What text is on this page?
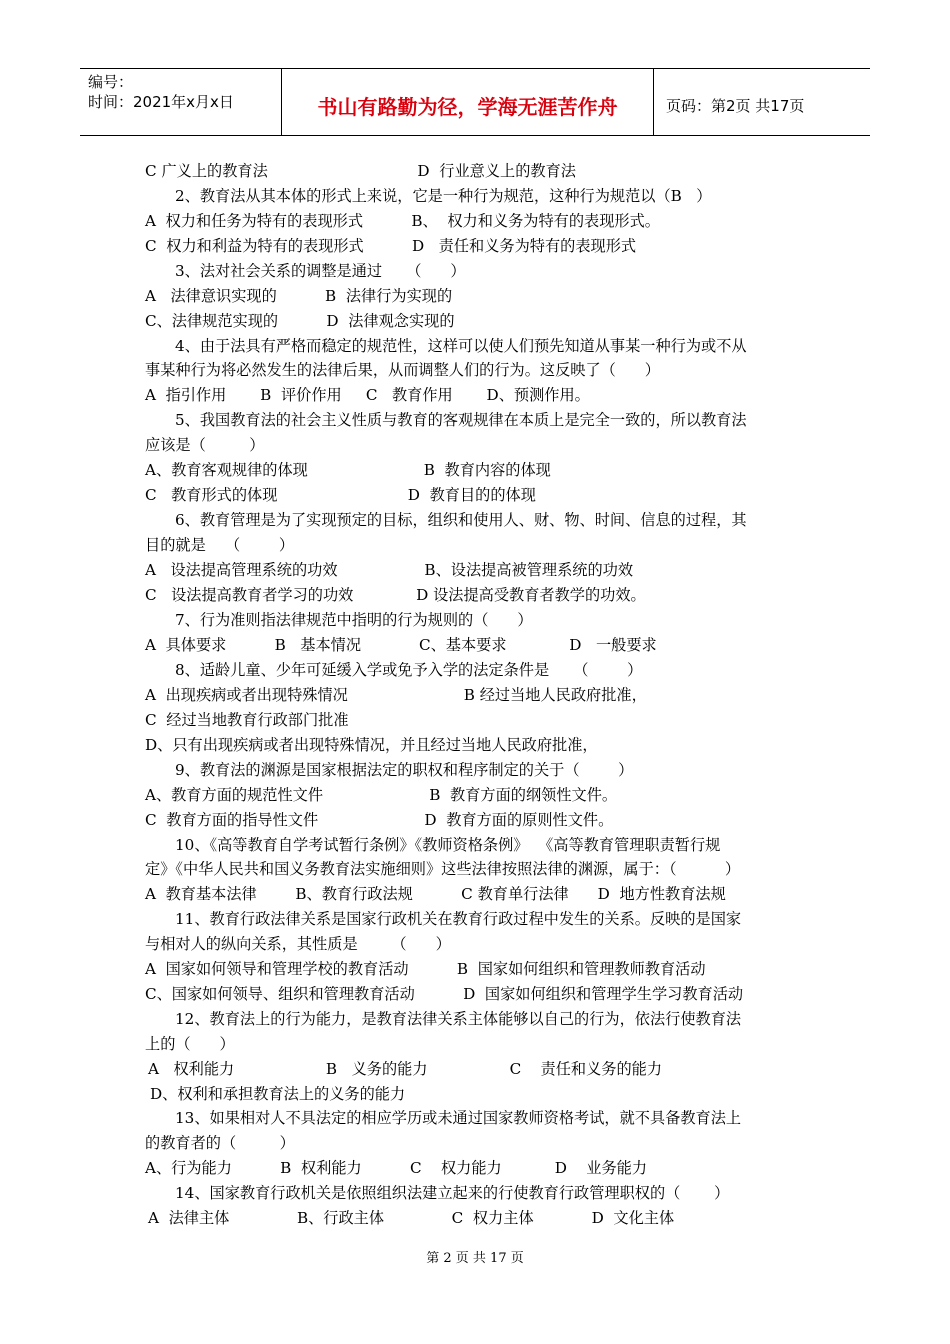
编号：
时间：2021年x月x日	书山有路勤为径，学海无涯苦作舟	页码：第2页 共17页
C 广义上的教育法                               D  行业意义上的教育法
2、教育法从其本体的形式上来说，它是一种行为规范，这种行为规范以（B   ）
A  权力和任务为特有的表现形式          B、  权力和义务为特有的表现形式。
C  权力和利益为特有的表现形式          D   责任和义务为特有的表现形式
3、法对社会关系的调整是通过     （      ）
A   法律意识实现的          B  法律行为实现的
C、法律规范实现的          D  法律观念实现的
4、由于法具有严格而稳定的规范性，这样可以使人们预先知道从事某一种行为或不从
事某种行为将必然发生的法律后果，从而调整人们的行为。这反映了（      ）
A  指引作用       B  评价作用     C   教育作用       D、预测作用。
5、我国教育法的社会主义性质与教育的客观规律在本质上是完全一致的，所以教育法
应该是（         ）
A、教育客观规律的体现                        B  教育内容的体现
C   教育形式的体现                           D  教育目的的体现
6、教育管理是为了实现预定的目标，组织和使用人、财、物、时间、信息的过程，其
目的就是    （        ）
A   设法提高管理系统的功效                  B、设法提高被管理系统的功效
C   设法提高教育者学习的功效             D 设法提高受教育者教学的功效。
7、行为准则指法律规范中指明的行为规则的（      ）
A  具体要求          B   基本情况            C、基本要求             D   一般要求
8、适龄儿童、少年可延缓入学或免予入学的法定条件是     （        ）
A  出现疾病或者出现特殊情况                        B 经过当地人民政府批准，
C  经过当地教育行政部门批准
D、只有出现疾病或者出现特殊情况，并且经过当地人民政府批准，
9、教育法的渊源是国家根据法定的职权和程序制定的关于（        ）
A、教育方面的规范性文件                      B  教育方面的纲领性文件。
C  教育方面的指导性文件                      D  教育方面的原则性文件。
10、《高等教育自学考试暂行条例》《教师资格条例》  《高等教育管理职责暂行规
定》《中华人民共和国义务教育法实施细则》这些法律按照法律的渊源，属于：（          ）
A  教育基本法律        B、教育行政法规          C 教育单行法律      D  地方性教育法规
11、教育行政法律关系是国家行政机关在教育行政过程中发生的关系。反映的是国家
与相对人的纵向关系，其性质是       （      ）
A  国家如何领导和管理学校的教育活动          B  国家如何组织和管理教师教育活动
C、国家如何领导、组织和管理教育活动          D  国家如何组织和管理学生学习教育活动
12、教育法上的行为能力，是教育法律关系主体能够以自己的行为，依法行使教育法
上的（      ）
A   权利能力                   B   义务的能力                 C    责任和义务的能力
D、权利和承担教育法上的义务的能力
13、如果相对人不具法定的相应学历或未通过国家教师资格考试，就不具备教育法上
的教育者的（         ）
A、行为能力          B  权利能力          C    权力能力           D    业务能力
14、国家教育行政机关是依照组织法建立起来的行使教育行政管理职权的（       ）
A  法律主体              B、行政主体              C  权力主体            D  文化主体
第 2 页 共 17 页
